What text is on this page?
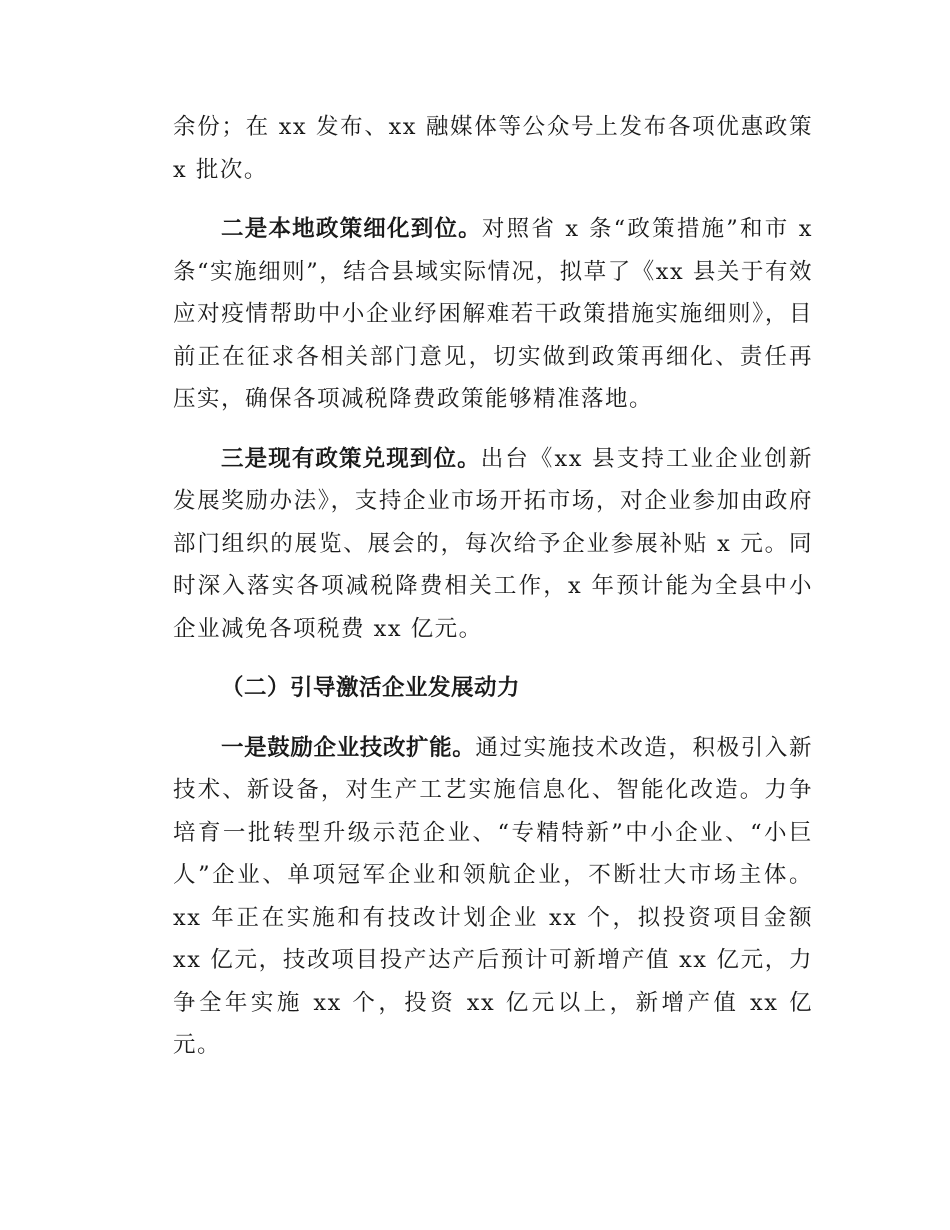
余份；在 xx 发布、xx 融媒体等公众号上发布各项优惠政策 x 批次。

二是本地政策细化到位。对照省 x 条“政策措施”和市 x 条“实施细则”，结合县域实际情况，拟草了《xx 县关于有效应对疫情帮助中小企业纾困解难若干政策措施实施细则》，目前正在征求各相关部门意见，切实做到政策再细化、责任再压实，确保各项减税降费政策能够精准落地。

三是现有政策兑现到位。出台《xx 县支持工业企业创新发展奖励办法》，支持企业市场开拓市场，对企业参加由政府部门组织的展览、展会的，每次给予企业参展补贴 x 元。同时深入落实各项减税降费相关工作，x 年预计能为全县中小企业减免各项税费 xx 亿元。

（二）引导激活企业发展动力

一是鼓励企业技改扩能。通过实施技术改造，积极引入新技术、新设备，对生产工艺实施信息化、智能化改造。力争培育一批转型升级示范企业、“专精特新”中小企业、“小巨人”企业、单项冠军企业和领航企业，不断壮大市场主体。xx 年正在实施和有技改计划企业 xx 个，拟投资项目金额 xx 亿元，技改项目投产达产后预计可新增产值 xx 亿元，力争全年实施 xx 个，投资 xx 亿元以上，新增产值 xx 亿元。
